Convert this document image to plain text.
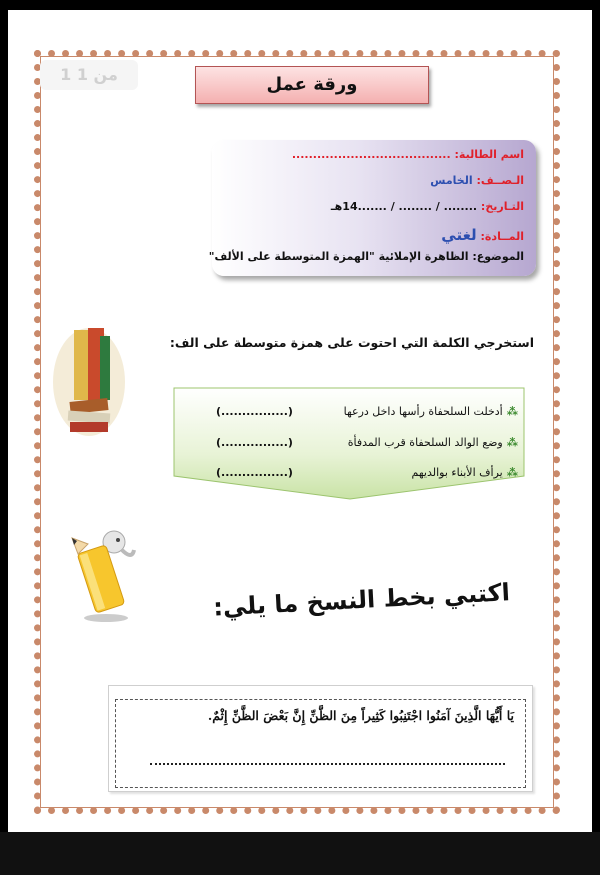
1 من 1	ورقة عمل
اسم الطالبة: ......................................
الـصــف: الخامس
التـاريخ: ........ / ........ / .......14هـ
المــادة: لغتي
الموضوع: الظاهرة الإملائية "الهمزة المتوسطة على الألف"
استخرجي الكلمة التي احتوت على همزة متوسطة على الف:
⁂أدخلت السلحفاة رأسها داخل درعها
(................)
⁂وضع الوالد السلحفاة قرب المدفأة
(................)
⁂يرأف الأبناء بوالديهم
(................)
اكتبي بخط النسخ ما يلي:
يَا أَيُّهَا الَّذِينَ آمَنُوا اجْتَنِبُوا كَثِيراً مِنَ الظَّنِّ إِنَّ بَعْضَ الظَّنِّ إِثْمٌ.
